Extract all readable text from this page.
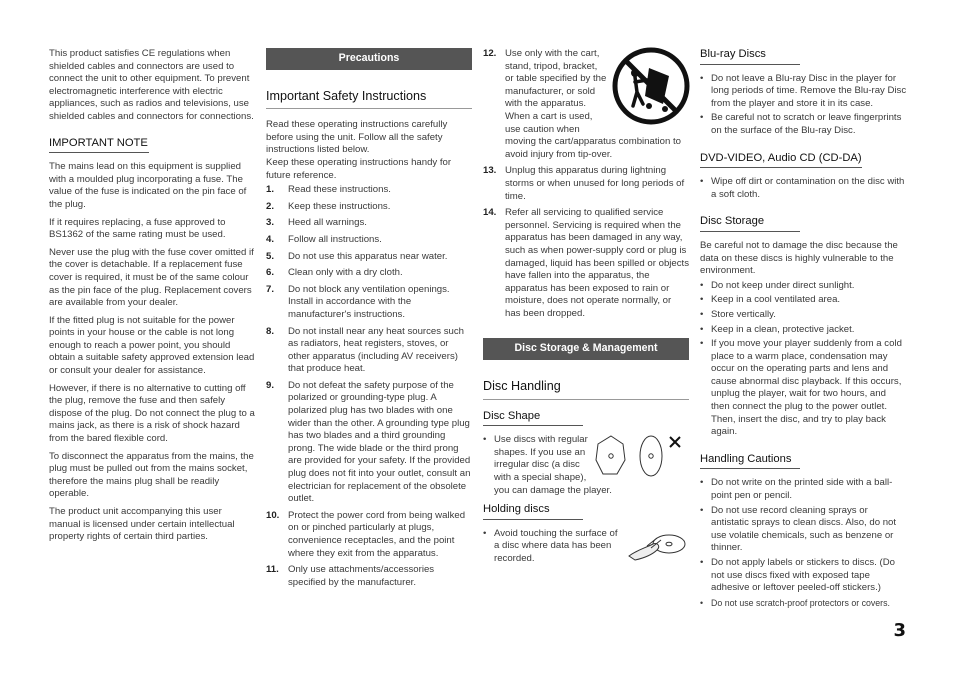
This product satisfies CE regulations when shielded cables and connectors are used to connect the unit to other equipment. To prevent electromagnetic interference with electric appliances, such as radios and televisions, use shielded cables and connectors for connections.

IMPORTANT NOTE

The mains lead on this equipment is supplied with a moulded plug incorporating a fuse. The value of the fuse is indicated on the pin face of the plug.

If it requires replacing, a fuse approved to BS1362 of the same rating must be used.

Never use the plug with the fuse cover omitted if the cover is detachable. If a replacement fuse cover is required, it must be of the same colour as the pin face of the plug. Replacement covers are available from your dealer.

If the fitted plug is not suitable for the power points in your house or the cable is not long enough to reach a power point, you should obtain a suitable safety approved extension lead or consult your dealer for assistance.

However, if there is no alternative to cutting off the plug, remove the fuse and then safely dispose of the plug. Do not connect the plug to a mains jack, as there is a risk of shock hazard from the bared flexible cord.

To disconnect the apparatus from the mains, the plug must be pulled out from the mains socket, therefore the mains plug shall be readily operable.

The product unit accompanying this user manual is licensed under certain intellectual property rights of certain third parties.

Precautions
Important Safety Instructions

Read these operating instructions carefully before using the unit. Follow all the safety instructions listed below.

Keep these operating instructions handy for future reference.

1. Read these instructions.
2. Keep these instructions.
3. Heed all warnings.
4. Follow all instructions.
5. Do not use this apparatus near water.
6. Clean only with a dry cloth.
7. Do not block any ventilation openings. Install in accordance with the manufacturer's instructions.
8. Do not install near any heat sources such as radiators, heat registers, stoves, or other apparatus (including AV receivers) that produce heat.
9. Do not defeat the safety purpose of the polarized or grounding-type plug. A polarized plug has two blades with one wider than the other. A grounding type plug has two blades and a third grounding prong. The wide blade or the third prong are provided for your safety. If the provided plug does not fit into your outlet, consult an electrician for replacement of the obsolete outlet.
10. Protect the power cord from being walked on or pinched particularly at plugs, convenience receptacles, and the point where they exit from the apparatus.
11. Only use attachments/accessories specified by the manufacturer.
12. Use only with the cart, stand, tripod, bracket, or table specified by the manufacturer, or sold with the apparatus. When a cart is used, use caution when moving the cart/apparatus combination to avoid injury from tip-over.
13. Unplug this apparatus during lightning storms or when unused for long periods of time.
14. Refer all servicing to qualified service personnel. Servicing is required when the apparatus has been damaged in any way, such as when power-supply cord or plug is damaged, liquid has been spilled or objects have fallen into the apparatus, the apparatus has been exposed to rain or moisture, does not operate normally, or has been dropped.
Disc Storage & Management
Disc Handling
Disc Shape
• Use discs with regular shapes. If you use an irregular disc (a disc with a special shape), you can damage the player.
Holding discs
• Avoid touching the surface of a disc where data has been recorded.
Blu-ray Discs
• Do not leave a Blu-ray Disc in the player for long periods of time. Remove the Blu-ray Disc from the player and store it in its case.
• Be careful not to scratch or leave fingerprints on the surface of the Blu-ray Disc.
DVD-VIDEO, Audio CD (CD-DA)
• Wipe off dirt or contamination on the disc with a soft cloth.
Disc Storage

Be careful not to damage the disc because the data on these discs is highly vulnerable to the environment.

• Do not keep under direct sunlight.
• Keep in a cool ventilated area.
• Store vertically.
• Keep in a clean, protective jacket.
• If you move your player suddenly from a cold place to a warm place, condensation may occur on the operating parts and lens and cause abnormal disc playback. If this occurs, unplug the player, wait for two hours, and then connect the plug to the power outlet. Then, insert the disc, and try to play back again.
Handling Cautions
• Do not write on the printed side with a ball-point pen or pencil.
• Do not use record cleaning sprays or antistatic sprays to clean discs. Also, do not use volatile chemicals, such as benzene or thinner.
• Do not apply labels or stickers to discs. (Do not use discs fixed with exposed tape adhesive or leftover peeled-off stickers.)
• Do not use scratch-proof protectors or covers.
3
